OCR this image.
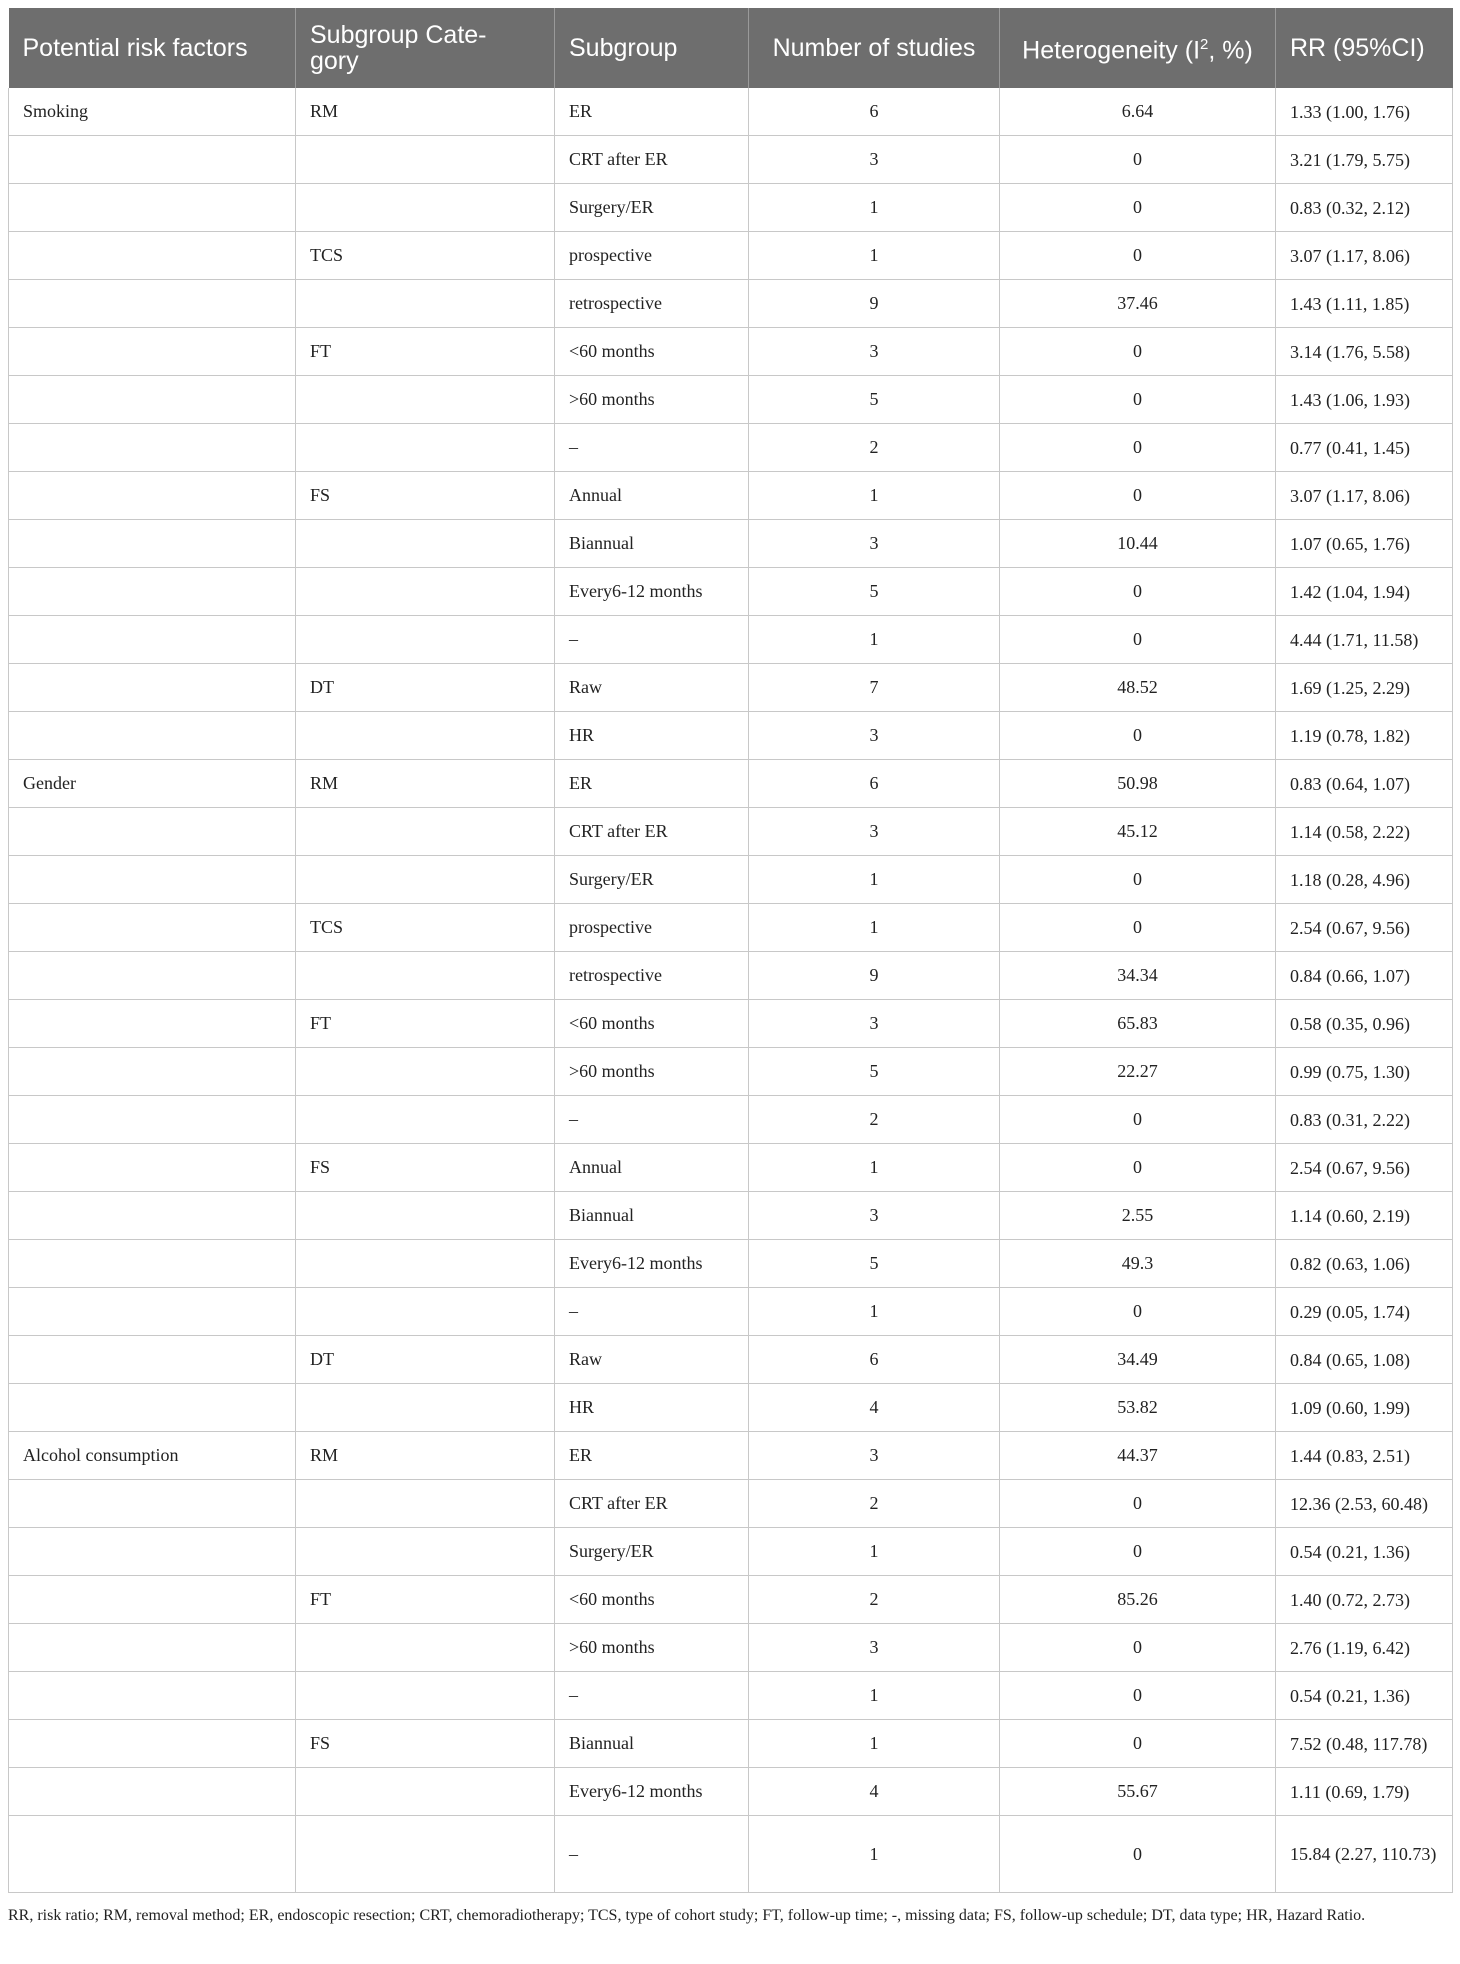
Potential risk factors	Subgroup Cate- gory	Subgroup	Number of studies	Heterogeneity ($I^2$, %)	RR (95%CI)
Smoking	RM	ER	6	6.64	1.33 (1.00, 1.76)
		CRT after ER	3	0	3.21 (1.79, 5.75)
		Surgery/ER	1	0	0.83 (0.32, 2.12)
	TCS	prospective	1	0	3.07 (1.17, 8.06)
		retrospective	9	37.46	1.43 (1.11, 1.85)
	FT	<60 months	3	0	3.14 (1.76, 5.58)
		>60 months	5	0	1.43 (1.06, 1.93)
		–	2	0	0.77 (0.41, 1.45)
	FS	Annual	1	0	3.07 (1.17, 8.06)
		Biannual	3	10.44	1.07 (0.65, 1.76)
		Every6-12 months	5	0	1.42 (1.04, 1.94)
		–	1	0	4.44 (1.71, 11.58)
	DT	Raw	7	48.52	1.69 (1.25, 2.29)
		HR	3	0	1.19 (0.78, 1.82)
Gender	RM	ER	6	50.98	0.83 (0.64, 1.07)
		CRT after ER	3	45.12	1.14 (0.58, 2.22)
		Surgery/ER	1	0	1.18 (0.28, 4.96)
	TCS	prospective	1	0	2.54 (0.67, 9.56)
		retrospective	9	34.34	0.84 (0.66, 1.07)
	FT	<60 months	3	65.83	0.58 (0.35, 0.96)
		>60 months	5	22.27	0.99 (0.75, 1.30)
		–	2	0	0.83 (0.31, 2.22)
	FS	Annual	1	0	2.54 (0.67, 9.56)
		Biannual	3	2.55	1.14 (0.60, 2.19)
		Every6-12 months	5	49.3	0.82 (0.63, 1.06)
		–	1	0	0.29 (0.05, 1.74)
	DT	Raw	6	34.49	0.84 (0.65, 1.08)
		HR	4	53.82	1.09 (0.60, 1.99)
Alcohol consumption	RM	ER	3	44.37	1.44 (0.83, 2.51)
		CRT after ER	2	0	12.36 (2.53, 60.48)
		Surgery/ER	1	0	0.54 (0.21, 1.36)
	FT	<60 months	2	85.26	1.40 (0.72, 2.73)
		>60 months	3	0	2.76 (1.19, 6.42)
		–	1	0	0.54 (0.21, 1.36)
	FS	Biannual	1	0	7.52 (0.48, 117.78)
		Every6-12 months	4	55.67	1.11 (0.69, 1.79)
		–	1	0	15.84 (2.27, 110.73)
RR, risk ratio; RM, removal method; ER, endoscopic resection; CRT, chemoradiotherapy; TCS, type of cohort study; FT, follow-up time; -, missing data; FS, follow-up schedule; DT, data type; HR, Hazard Ratio.
